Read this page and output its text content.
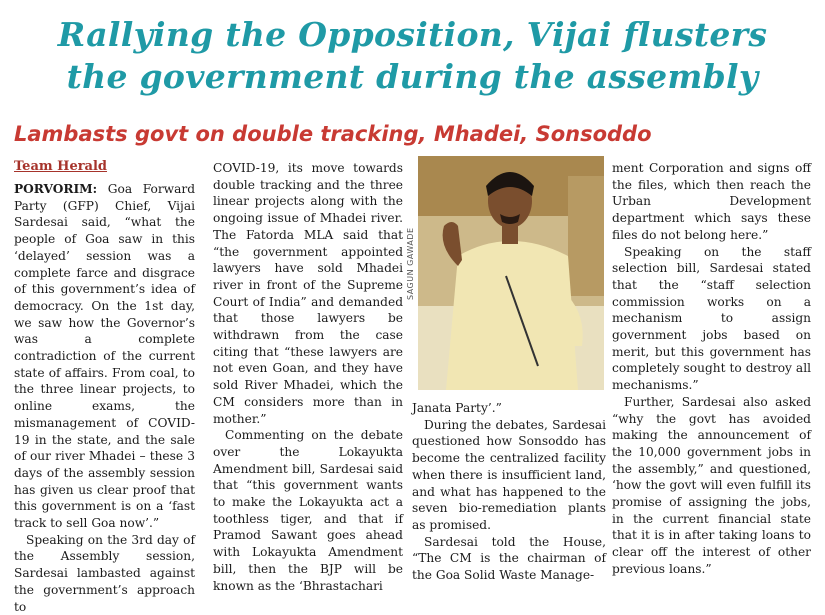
Rallying the Opposition, Vijai flusters
the government during the assembly
Lambasts govt on double tracking, Mhadei, Sonsoddo
Team Herald

PORVORIM: Goa Forward Party (GFP) Chief, Vijai Sardesai said, “what the people of Goa saw in this ‘delayed’ session was a complete farce and disgrace of this government’s idea of democracy. On the 1st day, we saw how the Governor’s was a complete contradiction of the current state of affairs. From coal, to the three linear projects, to online exams, the mismanagement of COVID-19 in the state, and the sale of our river Mhadei – these 3 days of the assembly session has given us clear proof that this government is on a ‘fast track to sell Goa now’.”

Speaking on the 3rd day of the Assembly session, Sardesai lambasted against the government’s approach to

COVID-19, its move towards double tracking and the three linear projects along with the ongoing issue of Mhadei river. The Fatorda MLA said that “the government appointed lawyers have sold Mhadei river in front of the Supreme Court of India” and demanded that those lawyers be withdrawn from the case citing that “these lawyers are not even Goan, and they have sold River Mhadei, which the CM considers more than in mother.”

Commenting on the debate over the Lokayukta Amendment bill, Sardesai said that “this government wants to make the Lokayukta act a toothless tiger, and that if Pramod Sawant goes ahead with Lokayukta Amendment bill, then the BJP will be known as the ‘Bhrastachari

SAGUN GAWADE

Janata Party’.”

During the debates, Sardesai questioned how Sonsoddo has become the centralized facility when there is insufficient land, and what has happened to the seven bio-remediation plants as promised.

Sardesai told the House, “The CM is the chairman of the Goa Solid Waste Manage-

ment Corporation and signs off the files, which then reach the Urban Development department which says these files do not belong here.”

Speaking on the staff selection bill, Sardesai stated that the “staff selection commission works on a mechanism to assign government jobs based on merit, but this government has completely sought to destroy all mechanisms.”

Further, Sardesai also asked “why the govt has avoided making the announcement of the 10,000 government jobs in the assembly,” and questioned, ‘how the govt will even fulfill its promise of assigning the jobs, in the current financial state that it is in after taking loans to clear off the interest of other previous loans.”
